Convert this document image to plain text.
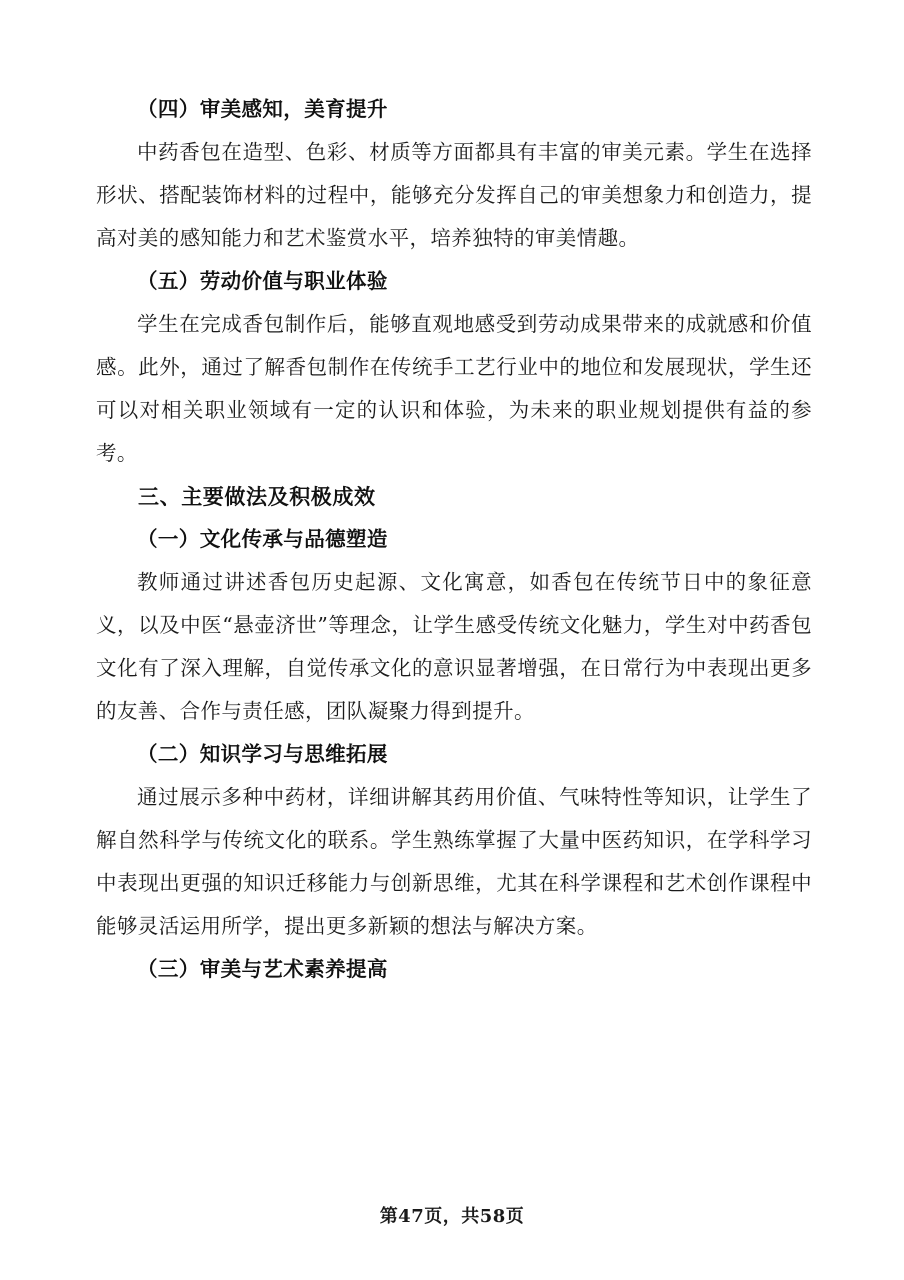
（四）审美感知，美育提升

中药香包在造型、色彩、材质等方面都具有丰富的审美元素。学生在选择形状、搭配装饰材料的过程中，能够充分发挥自己的审美想象力和创造力，提高对美的感知能力和艺术鉴赏水平，培养独特的审美情趣。

（五）劳动价值与职业体验

学生在完成香包制作后，能够直观地感受到劳动成果带来的成就感和价值感。此外，通过了解香包制作在传统手工艺行业中的地位和发展现状，学生还可以对相关职业领域有一定的认识和体验，为未来的职业规划提供有益的参考。

三、主要做法及积极成效

（一）文化传承与品德塑造

教师通过讲述香包历史起源、文化寓意，如香包在传统节日中的象征意义，以及中医“悬壶济世”等理念，让学生感受传统文化魅力，学生对中药香包文化有了深入理解，自觉传承文化的意识显著增强，在日常行为中表现出更多的友善、合作与责任感，团队凝聚力得到提升。

（二）知识学习与思维拓展

通过展示多种中药材，详细讲解其药用价值、气味特性等知识，让学生了解自然科学与传统文化的联系。学生熟练掌握了大量中医药知识，在学科学习中表现出更强的知识迁移能力与创新思维，尤其在科学课程和艺术创作课程中能够灵活运用所学，提出更多新颖的想法与解决方案。

（三）审美与艺术素养提高

第47页，共58页
